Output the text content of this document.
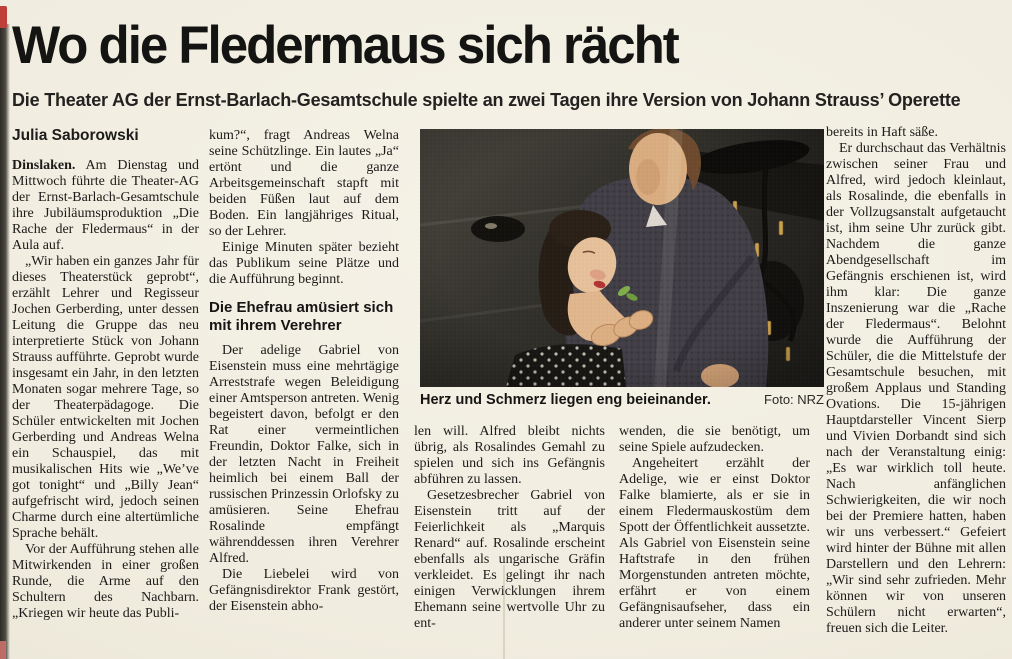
Wo die Fledermaus sich rächt

Die Theater AG der Ernst-Barlach-Gesamtschule spielte an zwei Tagen ihre Version von Johann Strauss’ Operette

Julia Saborowski

Dinslaken. Am Dienstag und Mittwoch führte die Theater-AG der Ernst-Barlach-Gesamtschule ihre Jubiläumsproduktion „Die Rache der Fledermaus“ in der Aula auf.

„Wir haben ein ganzes Jahr für dieses Theaterstück geprobt“, erzählt Lehrer und Regisseur Jochen Gerberding, unter dessen Leitung die Gruppe das neu interpretierte Stück von Johann Strauss aufführte. Geprobt wurde insgesamt ein Jahr, in den letzten Monaten sogar mehrere Tage, so der Theaterpädagoge. Die Schüler entwickelten mit Jochen Gerberding und Andreas Welna ein Schauspiel, das mit musikalischen Hits wie „We’ve got tonight“ und „Billy Jean“ aufgefrischt wird, jedoch seinen Charme durch eine altertümliche Sprache behält.

Vor der Aufführung stehen alle Mitwirkenden in einer großen Runde, die Arme auf den Schultern des Nachbarn. „Kriegen wir heute das Publi-

kum?“, fragt Andreas Welna seine Schützlinge. Ein lautes „Ja“ ertönt und die ganze Arbeitsgemeinschaft stapft mit beiden Füßen laut auf dem Boden. Ein langjähriges Ritual, so der Lehrer.

Einige Minuten später bezieht das Publikum seine Plätze und die Aufführung beginnt.

Die Ehefrau amüsiert sich mit ihrem Verehrer

Der adelige Gabriel von Eisenstein muss eine mehrtägige Arreststrafe wegen Beleidigung einer Amtsperson antreten. Wenig begeistert davon, befolgt er den Rat einer vermeintlichen Freundin, Doktor Falke, sich in der letzten Nacht in Freiheit heimlich bei einem Ball der russischen Prinzessin Orlofsky zu amüsieren. Seine Ehefrau Rosalinde empfängt währenddessen ihren Verehrer Alfred.

Die Liebelei wird von Gefängnisdirektor Frank gestört, der Eisenstein abho-

Herz und Schmerz liegen eng beieinander.	Foto: NRZ

len will. Alfred bleibt nichts übrig, als Rosalindes Gemahl zu spielen und sich ins Gefängnis abführen zu lassen.

Gesetzesbrecher Gabriel von Eisenstein tritt auf der Feierlichkeit als „Marquis Renard“ auf. Rosalinde erscheint ebenfalls als ungarische Gräfin verkleidet. Es gelingt ihr nach einigen Verwicklungen ihrem Ehemann seine wertvolle Uhr zu ent-

wenden, die sie benötigt, um seine Spiele aufzudecken.

Angeheitert erzählt der Adelige, wie er einst Doktor Falke blamierte, als er sie in einem Fledermauskostüm dem Spott der Öffentlichkeit aussetzte. Als Gabriel von Eisenstein seine Haftstrafe in den frühen Morgenstunden antreten möchte, erfährt er von einem Gefängnisaufseher, dass ein anderer unter seinem Namen

bereits in Haft säße.

Er durchschaut das Verhältnis zwischen seiner Frau und Alfred, wird jedoch kleinlaut, als Rosalinde, die ebenfalls in der Vollzugsanstalt aufgetaucht ist, ihm seine Uhr zurück gibt. Nachdem die ganze Abendgesellschaft im Gefängnis erschienen ist, wird ihm klar: Die ganze Inszenierung war die „Rache der Fledermaus“. Belohnt wurde die Aufführung der Schüler, die die Mittelstufe der Gesamtschule besuchen, mit großem Applaus und Standing Ovations. Die 15-jährigen Hauptdarsteller Vincent Sierp und Vivien Dorbandt sind sich nach der Veranstaltung einig: „Es war wirklich toll heute. Nach anfänglichen Schwierigkeiten, die wir noch bei der Premiere hatten, haben wir uns verbessert.“ Gefeiert wird hinter der Bühne mit allen Darstellern und den Lehrern: „Wir sind sehr zufrieden. Mehr können wir von unseren Schülern nicht erwarten“, freuen sich die Leiter.
